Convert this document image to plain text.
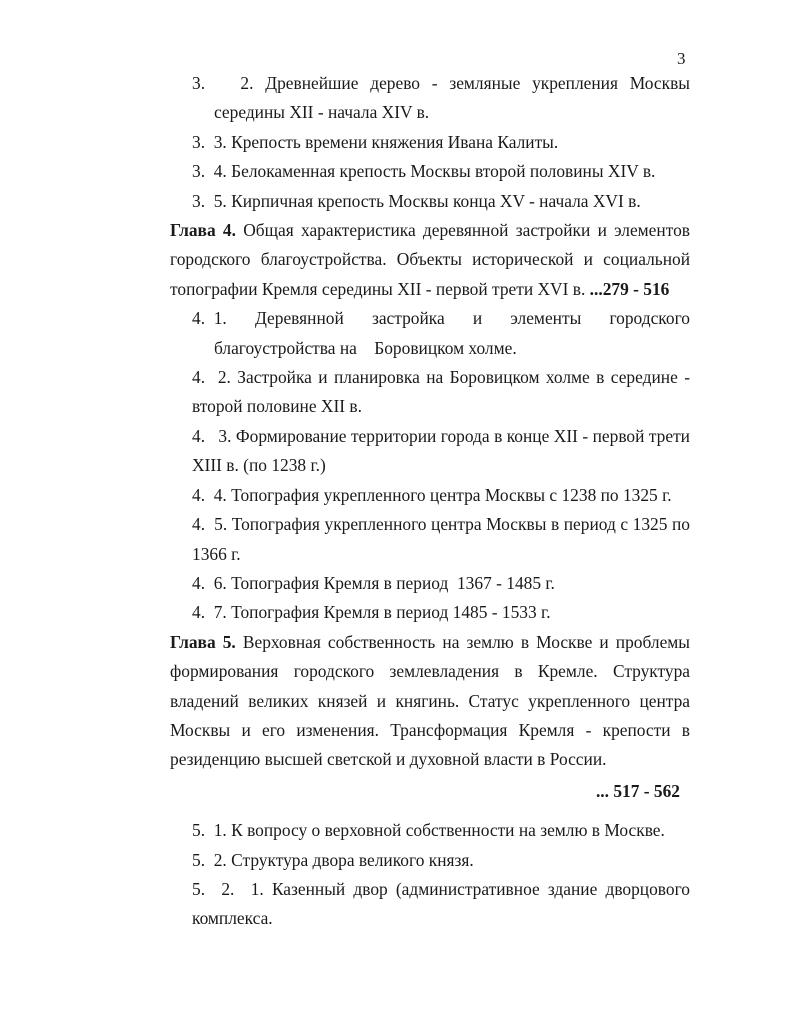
3
3.   2. Древнейшие дерево - земляные укрепления Москвы середины XII - начала XIV в.
3.  3. Крепость времени княжения Ивана Калиты.
3.  4. Белокаменная крепость Москвы второй половины XIV в.
3.  5. Кирпичная крепость Москвы конца XV - начала XVI в.
Глава 4. Общая характеристика деревянной застройки и элементов городского благоустройства. Объекты исторической и социальной топографии Кремля середины XII - первой трети XVI в. ...279 - 516
4.  1. Деревянной застройка и элементы городского
благоустройства на    Боровицком холме.
4.  2. Застройка и планировка на Боровицком холме в середине - второй половине XII в.
4.   3. Формирование территории города в конце XII - первой трети XIII в. (по 1238 г.)
4.  4. Топография укрепленного центра Москвы с 1238 по 1325 г.
4.  5. Топография укрепленного центра Москвы в период с 1325 по 1366 г.
4.  6. Топография Кремля в период  1367 - 1485 г.
4.  7. Топография Кремля в период 1485 - 1533 г.
Глава 5. Верховная собственность на землю в Москве и проблемы формирования городского землевладения в Кремле. Структура владений великих князей и княгинь. Статус укрепленного центра Москвы и его изменения. Трансформация Кремля - крепости в резиденцию высшей светской и духовной власти в России.
... 517 - 562
5.  1. К вопросу о верховной собственности на землю в Москве.
5.  2. Структура двора великого князя.
5.  2.  1. Казенный двор (административное здание дворцового комплекса.
